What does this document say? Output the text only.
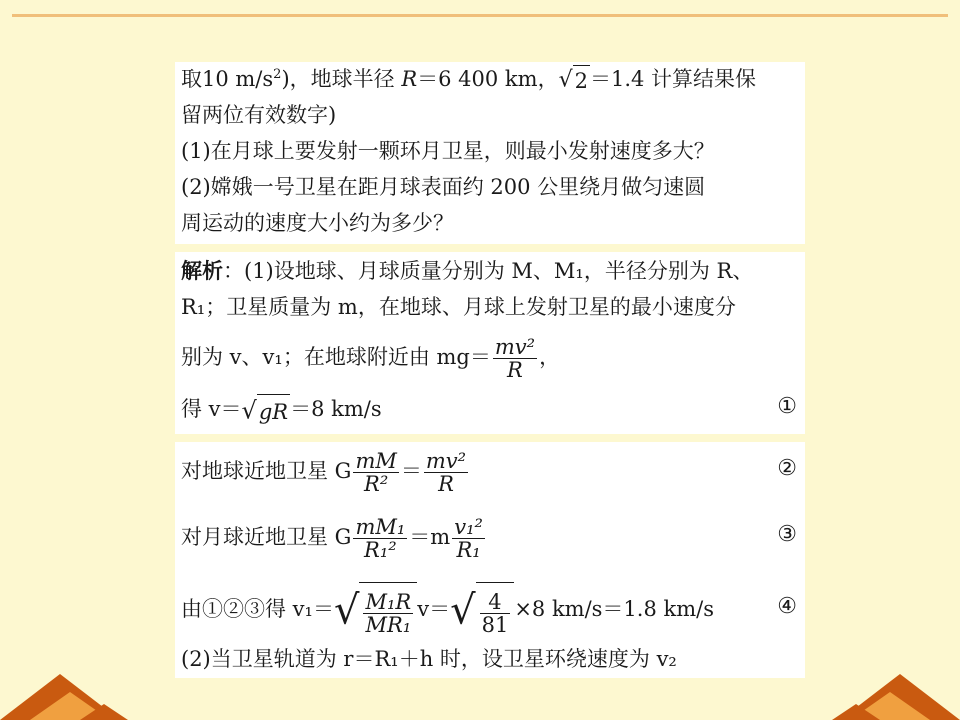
取10 $m/s^2$)，地球半径 R＝6 400 km，√2＝1.4 计算结果保
留两位有效数字)
(1)在月球上要发射一颗环月卫星，则最小发射速度多大？
(2)嫦娥一号卫星在距月球表面约 200 公里绕月做匀速圆
周运动的速度大小约为多少？
解析：(1)设地球、月球质量分别为 M、M₁，半径分别为 R、
R₁；卫星质量为 m，在地球、月球上发射卫星的最小速度分
别为 v、v₁；在地球附近由 $mg= \frac{\text{mv²}}{R}$ ，
得 v＝√gR＝8 km/s	①
对地球近地卫星 G $\frac{mM}{\text{R²}} = \frac{\text{mv²}}{R}$	②
对月球近地卫星 G $\frac{\text{mM₁}}{\text{R₁²}} =m \frac{\text{v₁²}}{\text{R₁}}$	③
由①②③得 $v_1=√ \frac{\text{M₁R}}{\text{MR₁}} v=√ \frac{4}{81} \times 8$ km/s＝1.8 km/s	④
(2)当卫星轨道为 r＝R₁＋h 时，设卫星环绕速度为 v₂
